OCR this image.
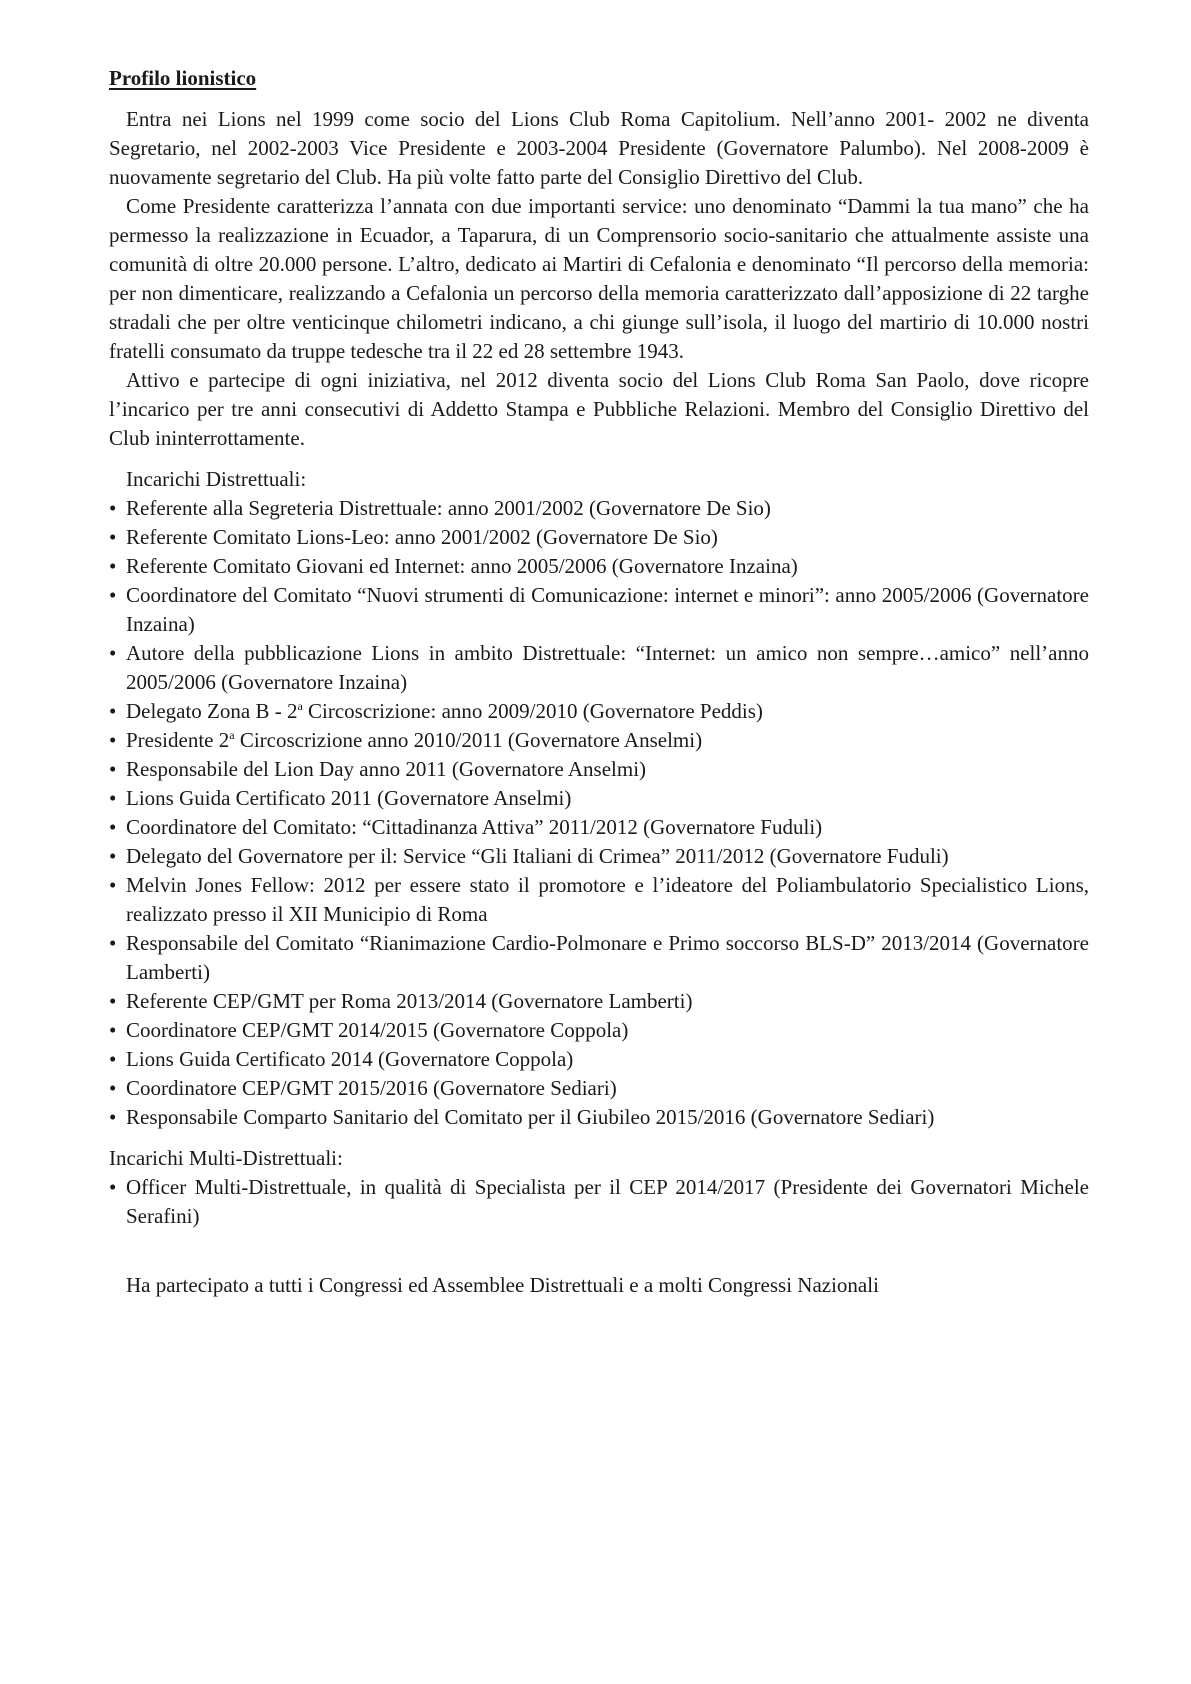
Profilo lionistico

Entra nei Lions nel 1999 come socio del Lions Club Roma Capitolium. Nell’anno 2001- 2002 ne diventa Segretario, nel 2002-2003 Vice Presidente e 2003-2004 Presidente (Governatore Palumbo). Nel 2008-2009 è nuovamente segretario del Club. Ha più volte fatto parte del Consiglio Direttivo del Club.

Come Presidente caratterizza l’annata con due importanti service: uno denominato “Dammi la tua mano” che ha permesso la realizzazione in Ecuador, a Taparura, di un Comprensorio socio-sanitario che attualmente assiste una comunità di oltre 20.000 persone. L’altro, dedicato ai Martiri di Cefalonia e denominato “Il percorso della memoria: per non dimenticare, realizzando a Cefalonia un percorso della memoria caratterizzato dall’apposizione di 22 targhe stradali che per oltre venticinque chilometri indicano, a chi giunge sull’isola, il luogo del martirio di 10.000 nostri fratelli consumato da truppe tedesche tra il 22 ed 28 settembre 1943.

Attivo e partecipe di ogni iniziativa, nel 2012 diventa socio del Lions Club Roma San Paolo, dove ricopre l’incarico per tre anni consecutivi di Addetto Stampa e Pubbliche Relazioni. Membro del Consiglio Direttivo del Club ininterrottamente.

Incarichi Distrettuali:

• Referente alla Segreteria Distrettuale: anno 2001/2002 (Governatore De Sio)
• Referente Comitato Lions-Leo: anno 2001/2002 (Governatore De Sio)
• Referente Comitato Giovani ed Internet: anno 2005/2006 (Governatore Inzaina)
• Coordinatore del Comitato “Nuovi strumenti di Comunicazione: internet e minori”: anno 2005/2006 (Governatore Inzaina)
• Autore della pubblicazione Lions in ambito Distrettuale: “Internet: un amico non sempre…amico” nell’anno 2005/2006 (Governatore Inzaina)
• Delegato Zona B - 2$^a$ Circoscrizione: anno 2009/2010 (Governatore Peddis)
• Presidente 2$^a$ Circoscrizione anno 2010/2011 (Governatore Anselmi)
• Responsabile del Lion Day anno 2011 (Governatore Anselmi)
• Lions Guida Certificato 2011 (Governatore Anselmi)
• Coordinatore del Comitato: “Cittadinanza Attiva” 2011/2012 (Governatore Fuduli)
• Delegato del Governatore per il: Service “Gli Italiani di Crimea” 2011/2012 (Governatore Fuduli)
• Melvin Jones Fellow: 2012 per essere stato il promotore e l’ideatore del Poliambulatorio Specialistico Lions, realizzato presso il XII Municipio di Roma
• Responsabile del Comitato “Rianimazione Cardio-Polmonare e Primo soccorso BLS-D” 2013/2014 (Governatore Lamberti)
• Referente CEP/GMT per Roma 2013/2014 (Governatore Lamberti)
• Coordinatore CEP/GMT 2014/2015 (Governatore Coppola)
• Lions Guida Certificato 2014 (Governatore Coppola)
• Coordinatore CEP/GMT 2015/2016 (Governatore Sediari)
• Responsabile Comparto Sanitario del Comitato per il Giubileo 2015/2016 (Governatore Sediari)

Incarichi Multi-Distrettuali:

• Officer Multi-Distrettuale, in qualità di Specialista per il CEP 2014/2017 (Presidente dei Governatori Michele Serafini)

Ha partecipato a tutti i Congressi ed Assemblee Distrettuali e a molti Congressi Nazionali
